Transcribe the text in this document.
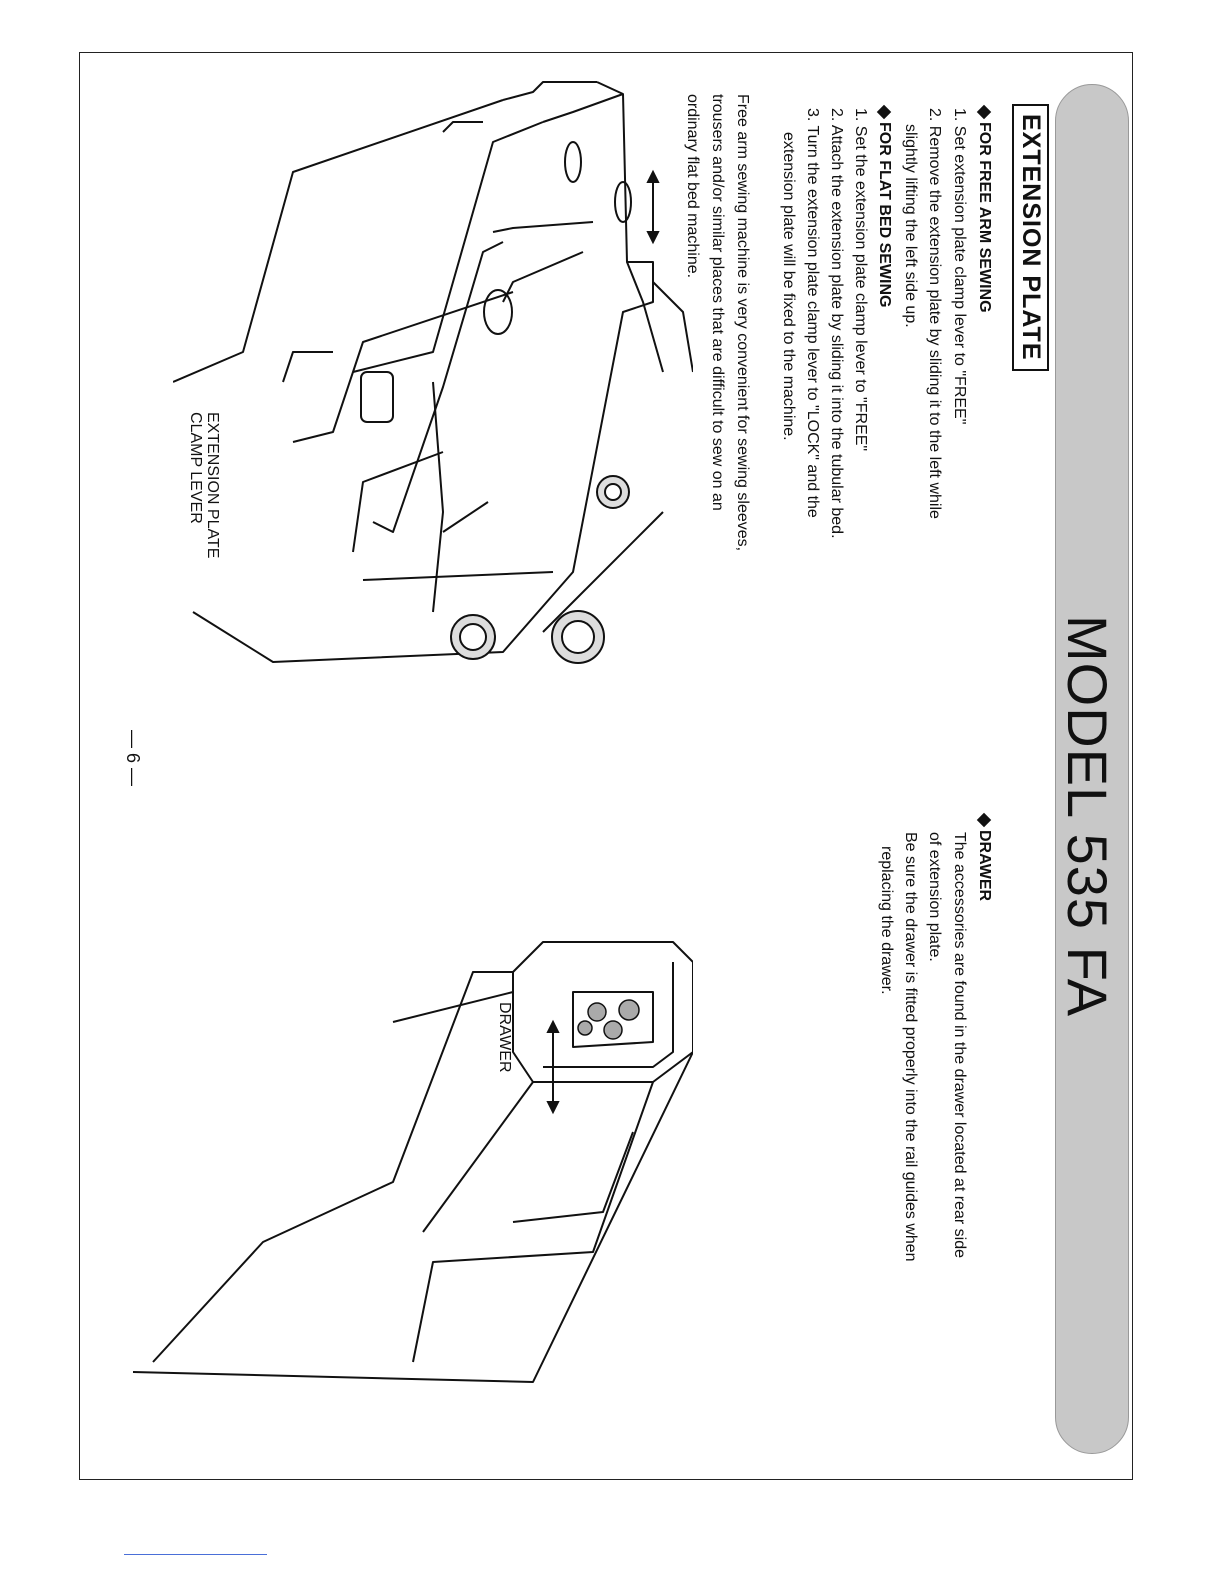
MODEL 535 FA
EXTENSION PLATE
FOR FREE ARM SEWING
1. Set extension plate clamp lever to "FREE"
2. Remove the extension plate by sliding it to the left while
slightly lifting the left side up.
FOR FLAT BED SEWING
1. Set the extension plate clamp lever to "FREE"
2. Attach the extension plate by sliding it into the tubular bed.
3. Turn the extension plate clamp lever to "LOCK" and the
extension plate will be fixed to the machine.
Free arm sewing machine is very convenient for sewing sleeves,
trousers and/or similar places that are difficult to sew on an
ordinary flat bed machine.
DRAWER
The accessories are found in the drawer located at rear side
of extension plate.
Be sure the drawer is fitted properly into the rail guides when
replacing the drawer.
EXTENSION PLATE
CLAMP LEVER
DRAWER
— 6 —
